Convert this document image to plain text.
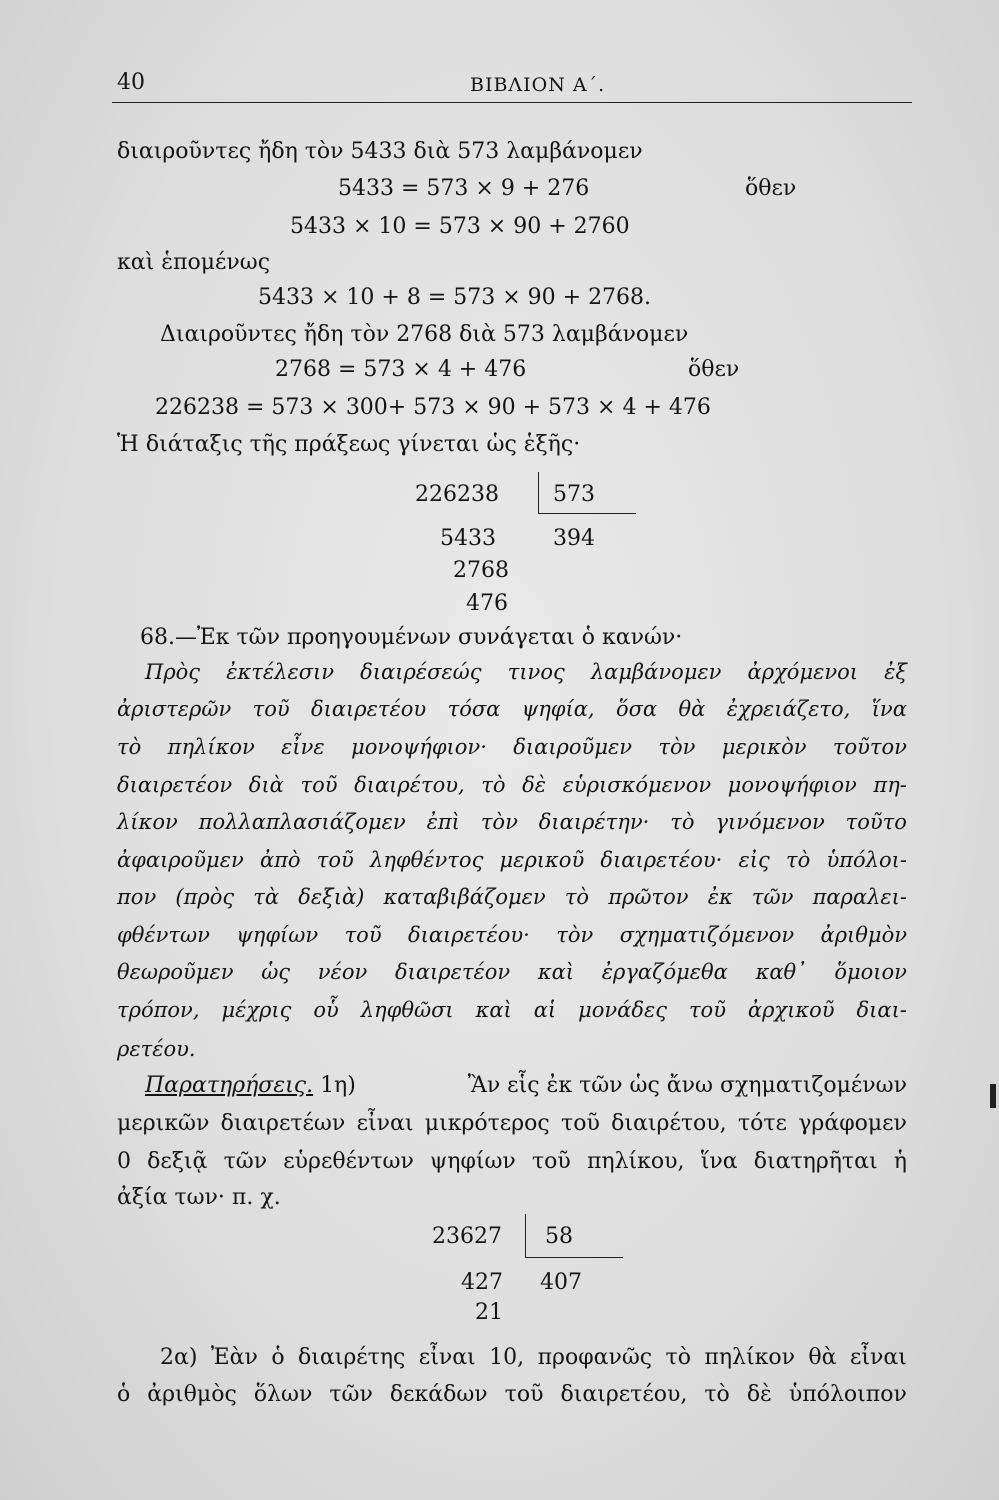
40	ΒΙΒΛΙΟΝ Α΄.
διαιροῦντες ἤδη τὸν 5433 διὰ 573 λαμβάνομεν
5433 = 573 × 9 + 276	ὅθεν
5433 × 10 = 573 × 90 + 2760
καὶ ἑπομένως
5433 × 10 + 8 = 573 × 90 + 2768.
Διαιροῦντες ἤδη τὸν 2768 διὰ 573 λαμβάνομεν
2768 = 573 × 4 + 476	ὅθεν
226238 = 573 × 300+ 573 × 90 + 573 × 4 + 476
Ἡ διάταξις τῆς πράξεως γίνεται ὡς ἑξῆς·
226238 573
5433	394
2768
476
68.—Ἐκ τῶν προηγουμένων συνάγεται ὁ κανών·
Πρὸς ἐκτέλεσιν διαιρέσεώς τινος λαμβάνομεν ἀρχόμενοι ἐξ
ἀριστερῶν τοῦ διαιρετέου τόσα ψηφία, ὅσα θὰ ἐχρειάζετο, ἵνα
τὸ πηλίκον εἶνε μονοψήφιον· διαιροῦμεν τὸν μερικὸν τοῦτον
διαιρετέον διὰ τοῦ διαιρέτου, τὸ δὲ εὑρισκόμενον μονοψήφιον πη-
λίκον πολλαπλασιάζομεν ἐπὶ τὸν διαιρέτην· τὸ γινόμενον τοῦτο
ἀφαιροῦμεν ἀπὸ τοῦ ληφθέντος μερικοῦ διαιρετέου· εἰς τὸ ὑπόλοι-
πον (πρὸς τὰ δεξιὰ) καταβιβάζομεν τὸ πρῶτον ἐκ τῶν παραλει-
φθέντων ψηφίων τοῦ διαιρετέου· τὸν σχηματιζόμενον ἀριθμὸν
θεωροῦμεν ὡς νέον διαιρετέον καὶ ἐργαζόμεθα καθ᾽ ὅμοιον
τρόπον, μέχρις οὗ ληφθῶσι καὶ αἱ μονάδες τοῦ ἀρχικοῦ διαι-
ρετέου.
Παρατηρήσεις. 1η)	Ἂν εἷς ἐκ τῶν ὡς ἄνω σχηματιζομένων
μερικῶν διαιρετέων εἶναι μικρότερος τοῦ διαιρέτου, τότε γράφομεν
0 δεξιᾷ τῶν εὑρεθέντων ψηφίων τοῦ πηλίκου, ἵνα διατηρῆται ἡ
ἀξία των· π. χ.
23627 58
427 407
21
2α) Ἐὰν ὁ διαιρέτης εἶναι 10, προφανῶς τὸ πηλίκον θὰ εἶναι
ὁ ἀριθμὸς ὅλων τῶν δεκάδων τοῦ διαιρετέου, τὸ δὲ ὑπόλοιπον
